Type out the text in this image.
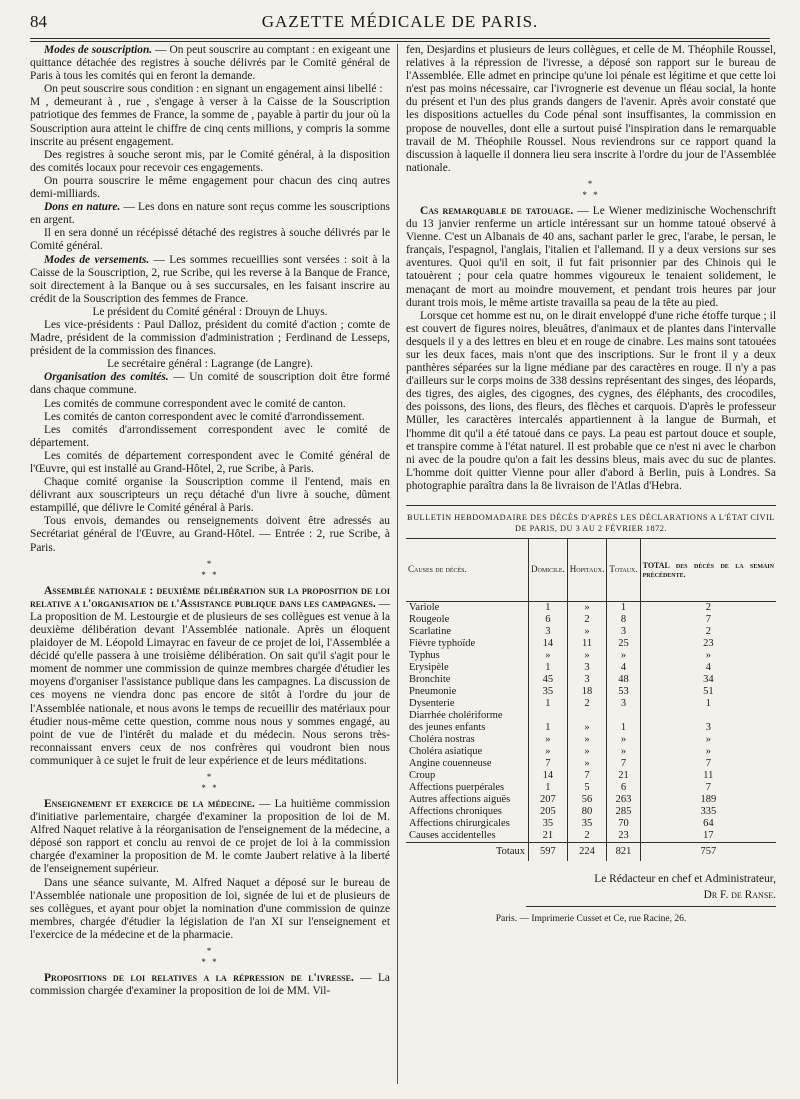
84	GAZETTE MÉDICALE DE PARIS.

Modes de souscription. — On peut souscrire au comptant : en exigeant une quittance détachée des registres à souche délivrés par le Comité général de Paris à tous les comités qui en feront la demande.

On peut souscrire sous condition : en signant un engagement ainsi libellé :

M , demeurant à , rue , s'engage à verser à la Caisse de la Souscription patriotique des femmes de France, la somme de , payable à partir du jour où la Souscription aura atteint le chiffre de cinq cents millions, y compris la somme inscrite au présent engagement.

Des registres à souche seront mis, par le Comité général, à la disposition des comités locaux pour recevoir ces engagements.

On pourra souscrire le même engagement pour chacun des cinq autres demi-milliards.

Dons en nature. — Les dons en nature sont reçus comme les souscriptions en argent.

Il en sera donné un récépissé détaché des registres à souche délivrés par le Comité général.

Modes de versements. — Les sommes recueillies sont versées : soit à la Caisse de la Souscription, 2, rue Scribe, qui les reverse à la Banque de France, soit directement à la Banque ou à ses succursales, en les faisant inscrire au crédit de la Souscription des femmes de France.

Le président du Comité général : Drouyn de Lhuys.

Les vice-présidents : Paul Dalloz, président du comité d'action ; comte de Madre, président de la commission d'administration ; Ferdinand de Lesseps, président de la commission des finances.

Le secrétaire général : Lagrange (de Langre).

Organisation des comités. — Un comité de souscription doit être formé dans chaque commune.

Les comités de commune correspondent avec le comité de canton.

Les comités de canton correspondent avec le comité d'arrondissement.

Les comités d'arrondissement correspondent avec le comité de département.

Les comités de département correspondent avec le Comité général de l'Œuvre, qui est installé au Grand-Hôtel, 2, rue Scribe, à Paris.

Chaque comité organise la Souscription comme il l'entend, mais en délivrant aux souscripteurs un reçu détaché d'un livre à souche, dûment estampillé, que délivre le Comité général à Paris.

Tous envois, demandes ou renseignements doivent être adressés au Secrétariat général de l'Œuvre, au Grand-Hôtel. — Entrée : 2, rue Scribe, à Paris.

*
* *

Assemblée nationale : deuxième délibération sur la proposition de loi relative a l'organisation de l'Assistance publique dans les campagnes. — La proposition de M. Lestourgie et de plusieurs de ses collègues est venue à la deuxième délibération devant l'Assemblée nationale. Après un éloquent plaidoyer de M. Léopold Limayrac en faveur de ce projet de loi, l'Assemblée a décidé qu'elle passera à une troisième délibération. On sait qu'il s'agit pour le moment de nommer une commission de quinze membres chargée d'étudier les moyens d'organiser l'assistance publique dans les campagnes. La discussion de ces moyens ne viendra donc pas encore de sitôt à l'ordre du jour de l'Assemblée nationale, et nous avons le temps de recueillir des matériaux pour étudier nous-même cette question, comme nous nous y sommes engagé, au point de vue de l'intérêt du malade et du médecin. Nous serons très-reconnaissant envers ceux de nos confrères qui voudront bien nous communiquer à ce sujet le fruit de leur expérience et de leurs méditations.

*
* *

Enseignement et exercice de la médecine. — La huitième commission d'initiative parlementaire, chargée d'examiner la proposition de loi de M. Alfred Naquet relative à la réorganisation de l'enseignement de la médecine, a déposé son rapport et conclu au renvoi de ce projet de loi à la commission chargée d'examiner la proposition de M. le comte Jaubert relative à la liberté de l'enseignement supérieur.

Dans une séance suivante, M. Alfred Naquet a déposé sur le bureau de l'Assemblée nationale une proposition de loi, signée de lui et de plusieurs de ses collègues, et ayant pour objet la nomination d'une commission de quinze membres, chargée d'étudier la législation de l'an XI sur l'enseignement et l'exercice de la médecine et de la pharmacie.

*
* *

Propositions de loi relatives a la répression de l'ivresse. — La commission chargée d'examiner la proposition de loi de MM. Vil-

fen, Desjardins et plusieurs de leurs collègues, et celle de M. Théophile Roussel, relatives à la répression de l'ivresse, a déposé son rapport sur le bureau de l'Assemblée. Elle admet en principe qu'une loi pénale est légitime et que cette loi n'est pas moins nécessaire, car l'ivrognerie est devenue un fléau social, la honte du présent et l'un des plus grands dangers de l'avenir. Après avoir constaté que les dispositions actuelles du Code pénal sont insuffisantes, la commission en propose de nouvelles, dont elle a surtout puisé l'inspiration dans le remarquable travail de M. Théophile Roussel. Nous reviendrons sur ce rapport quand la discussion à laquelle il donnera lieu sera inscrite à l'ordre du jour de l'Assemblée nationale.

*
* *

Cas remarquable de tatouage. — Le Wiener medizinische Wochenschrift du 13 janvier renferme un article intéressant sur un homme tatoué observé à Vienne. C'est un Albanais de 40 ans, sachant parler le grec, l'arabe, le persan, le français, l'espagnol, l'anglais, l'italien et l'allemand. Il y a deux versions sur ses aventures. Quoi qu'il en soit, il fut fait prisonnier par des Chinois qui le tatouèrent ; pour cela quatre hommes vigoureux le tenaient solidement, le menaçant de mort au moindre mouvement, et pendant trois heures par jour durant trois mois, le même artiste travailla sa peau de la tête au pied.

Lorsque cet homme est nu, on le dirait enveloppé d'une riche étoffe turque ; il est couvert de figures noires, bleuâtres, d'animaux et de plantes dans l'intervalle desquels il y a des lettres en bleu et en rouge de cinabre. Les mains sont tatouées sur les deux faces, mais n'ont que des inscriptions. Sur le front il y a deux panthères séparées sur la ligne médiane par des caractères en rouge. Il n'y a pas d'ailleurs sur le corps moins de 338 dessins représentant des singes, des léopards, des tigres, des aigles, des cigognes, des cygnes, des éléphants, des crocodiles, des poissons, des lions, des fleurs, des flèches et carquois. D'après le professeur Müller, les caractères intercalés appartiennent à la langue de Burmah, et l'homme dit qu'il a été tatoué dans ce pays. La peau est partout douce et souple, et transpire comme à l'état naturel. Il est probable que ce n'est ni avec le charbon ni avec de la poudre qu'on a fait les dessins bleus, mais avec du suc de plantes. L'homme doit quitter Vienne pour aller d'abord à Berlin, puis à Londres. Sa photographie paraîtra dans la 8e livraison de l'Atlas d'Hebra.

BULLETIN HEBDOMADAIRE DES DÉCÈS D'APRÈS LES DÉCLARATIONS A L'ÉTAT CIVIL

DE PARIS, DU 3 AU 2 FÉVRIER 1872.

Causes de décès.	Domicile.	Hopitaux.	Totaux.	TOTAL des décès de la semain précédente.
Variole	1	»	1	2
Rougeole	6	2	8	7
Scarlatine	3	»	3	2
Fièvre typhoïde	14	11	25	23
Typhus	»	»	»	»
Erysipèle	1	3	4	4
Bronchite	45	3	48	34
Pneumonie	35	18	53	51
Dysenterie	1	2	3	1
Diarrhée cholériforme				
des jeunes enfants	1	»	1	3
Choléra nostras	»	»	»	»
Choléra asiatique	»	»	»	»
Angine couenneuse	7	»	7	7
Croup	14	7	21	11
Affections puerpérales	1	5	6	7
Autres affections aiguës	207	56	263	189
Affections chroniques	205	80	285	335
Affections chirurgicales	35	35	70	64
Causes accidentelles	21	2	23	17
Totaux	597	224	821	757
Le Rédacteur en chef et Administrateur,
Dr F. de Ranse.
Paris. — Imprimerie Cusset et Ce, rue Racine, 26.
